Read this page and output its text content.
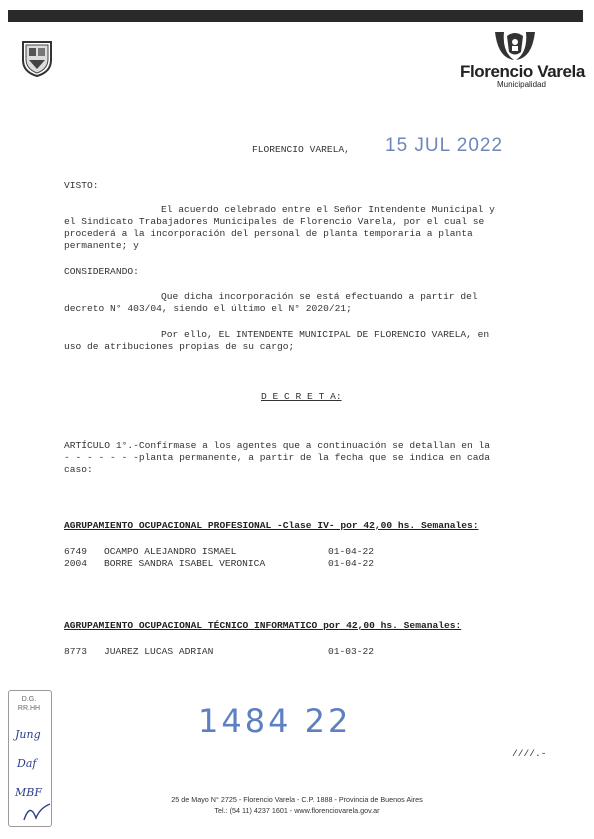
Florencio Varela
Municipalidad
FLORENCIO VARELA, 15 JUL 2022
VISTO:
El acuerdo celebrado entre el Señor Intendente Municipal y
el Sindicato Trabajadores Municipales de Florencio Varela, por el cual se
procederá a la incorporación del personal de planta temporaria a planta
permanente; y
CONSIDERANDO:
Que dicha incorporación se está efectuando a partir del
decreto N° 403/04, siendo el último el N° 2020/21;
Por ello, EL INTENDENTE MUNICIPAL DE FLORENCIO VARELA, en
uso de atribuciones propias de su cargo;
D E C R E T A:
ARTÍCULO 1°.-Confírmase a los agentes que a continuación se detallan en la
- - - - - - -planta permanente, a partir de la fecha que se indica en cada
caso:
AGRUPAMIENTO OCUPACIONAL PROFESIONAL -Clase IV- por 42,00 hs. Semanales:
6749 OCAMPO ALEJANDRO ISMAEL	01-04-22
2004 BORRE SANDRA ISABEL VERONICA	01-04-22
AGRUPAMIENTO OCUPACIONAL TÉCNICO INFORMATICO por 42,00 hs. Semanales:
8773 JUAREZ LUCAS ADRIAN	01-03-22
1484 22
////.-
D.G.
RR.HH
Jung
Daf
MBF
25 de Mayo N° 2725 - Florencio Varela - C.P. 1888 - Provincia de Buenos Aires
Tel.: (54 11) 4237 1601 - www.florenciovarela.gov.ar
